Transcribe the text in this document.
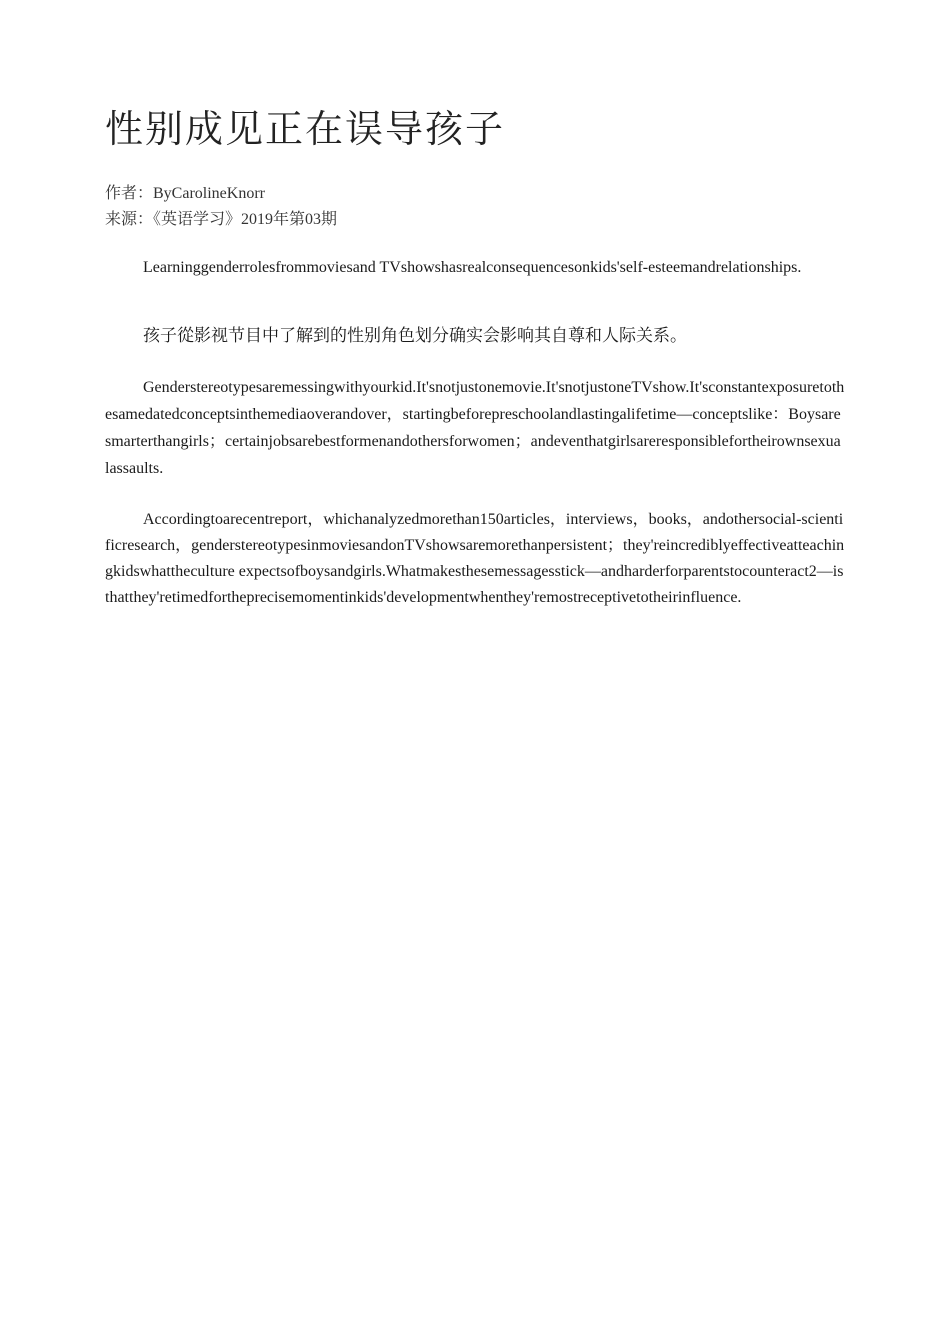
性别成见正在误导孩子
作者：ByCarolineKnorr
来源：《英语学习》2019年第03期

Learninggenderrolesfrommoviesand TVshowshasrealconsequencesonkids'self-esteemandrelationships.

孩子從影视节目中了解到的性别角色划分确实会影响其自尊和人际关系。

Genderstereotypesaremessingwithyourkid.It'snotjustonemovie.It'snotjustoneTVshow.It'sconstantexposuretothesamedatedconceptsinthemediaoverandover，startingbeforepreschoolandlastingalifetime—conceptslike：Boysaresmarterthangirls；certainjobsarebestformenandothersforwomen；andeventhatgirlsareresponsiblefortheirownsexualassaults.

Accordingtoarecentreport，whichanalyzedmorethan150articles，interviews，books，andothersocial-scientificresearch，genderstereotypesinmoviesandonTVshowsaremorethanpersistent；they'reincrediblyeffectiveatteachingkidswhattheculture expectsofboysandgirls.Whatmakesthesemessagesstick—andharderforparentstocounteract2—isthatthey'retimedfortheprecisemomentinkids'developmentwhenthey'remostreceptivetotheirinfluence.
